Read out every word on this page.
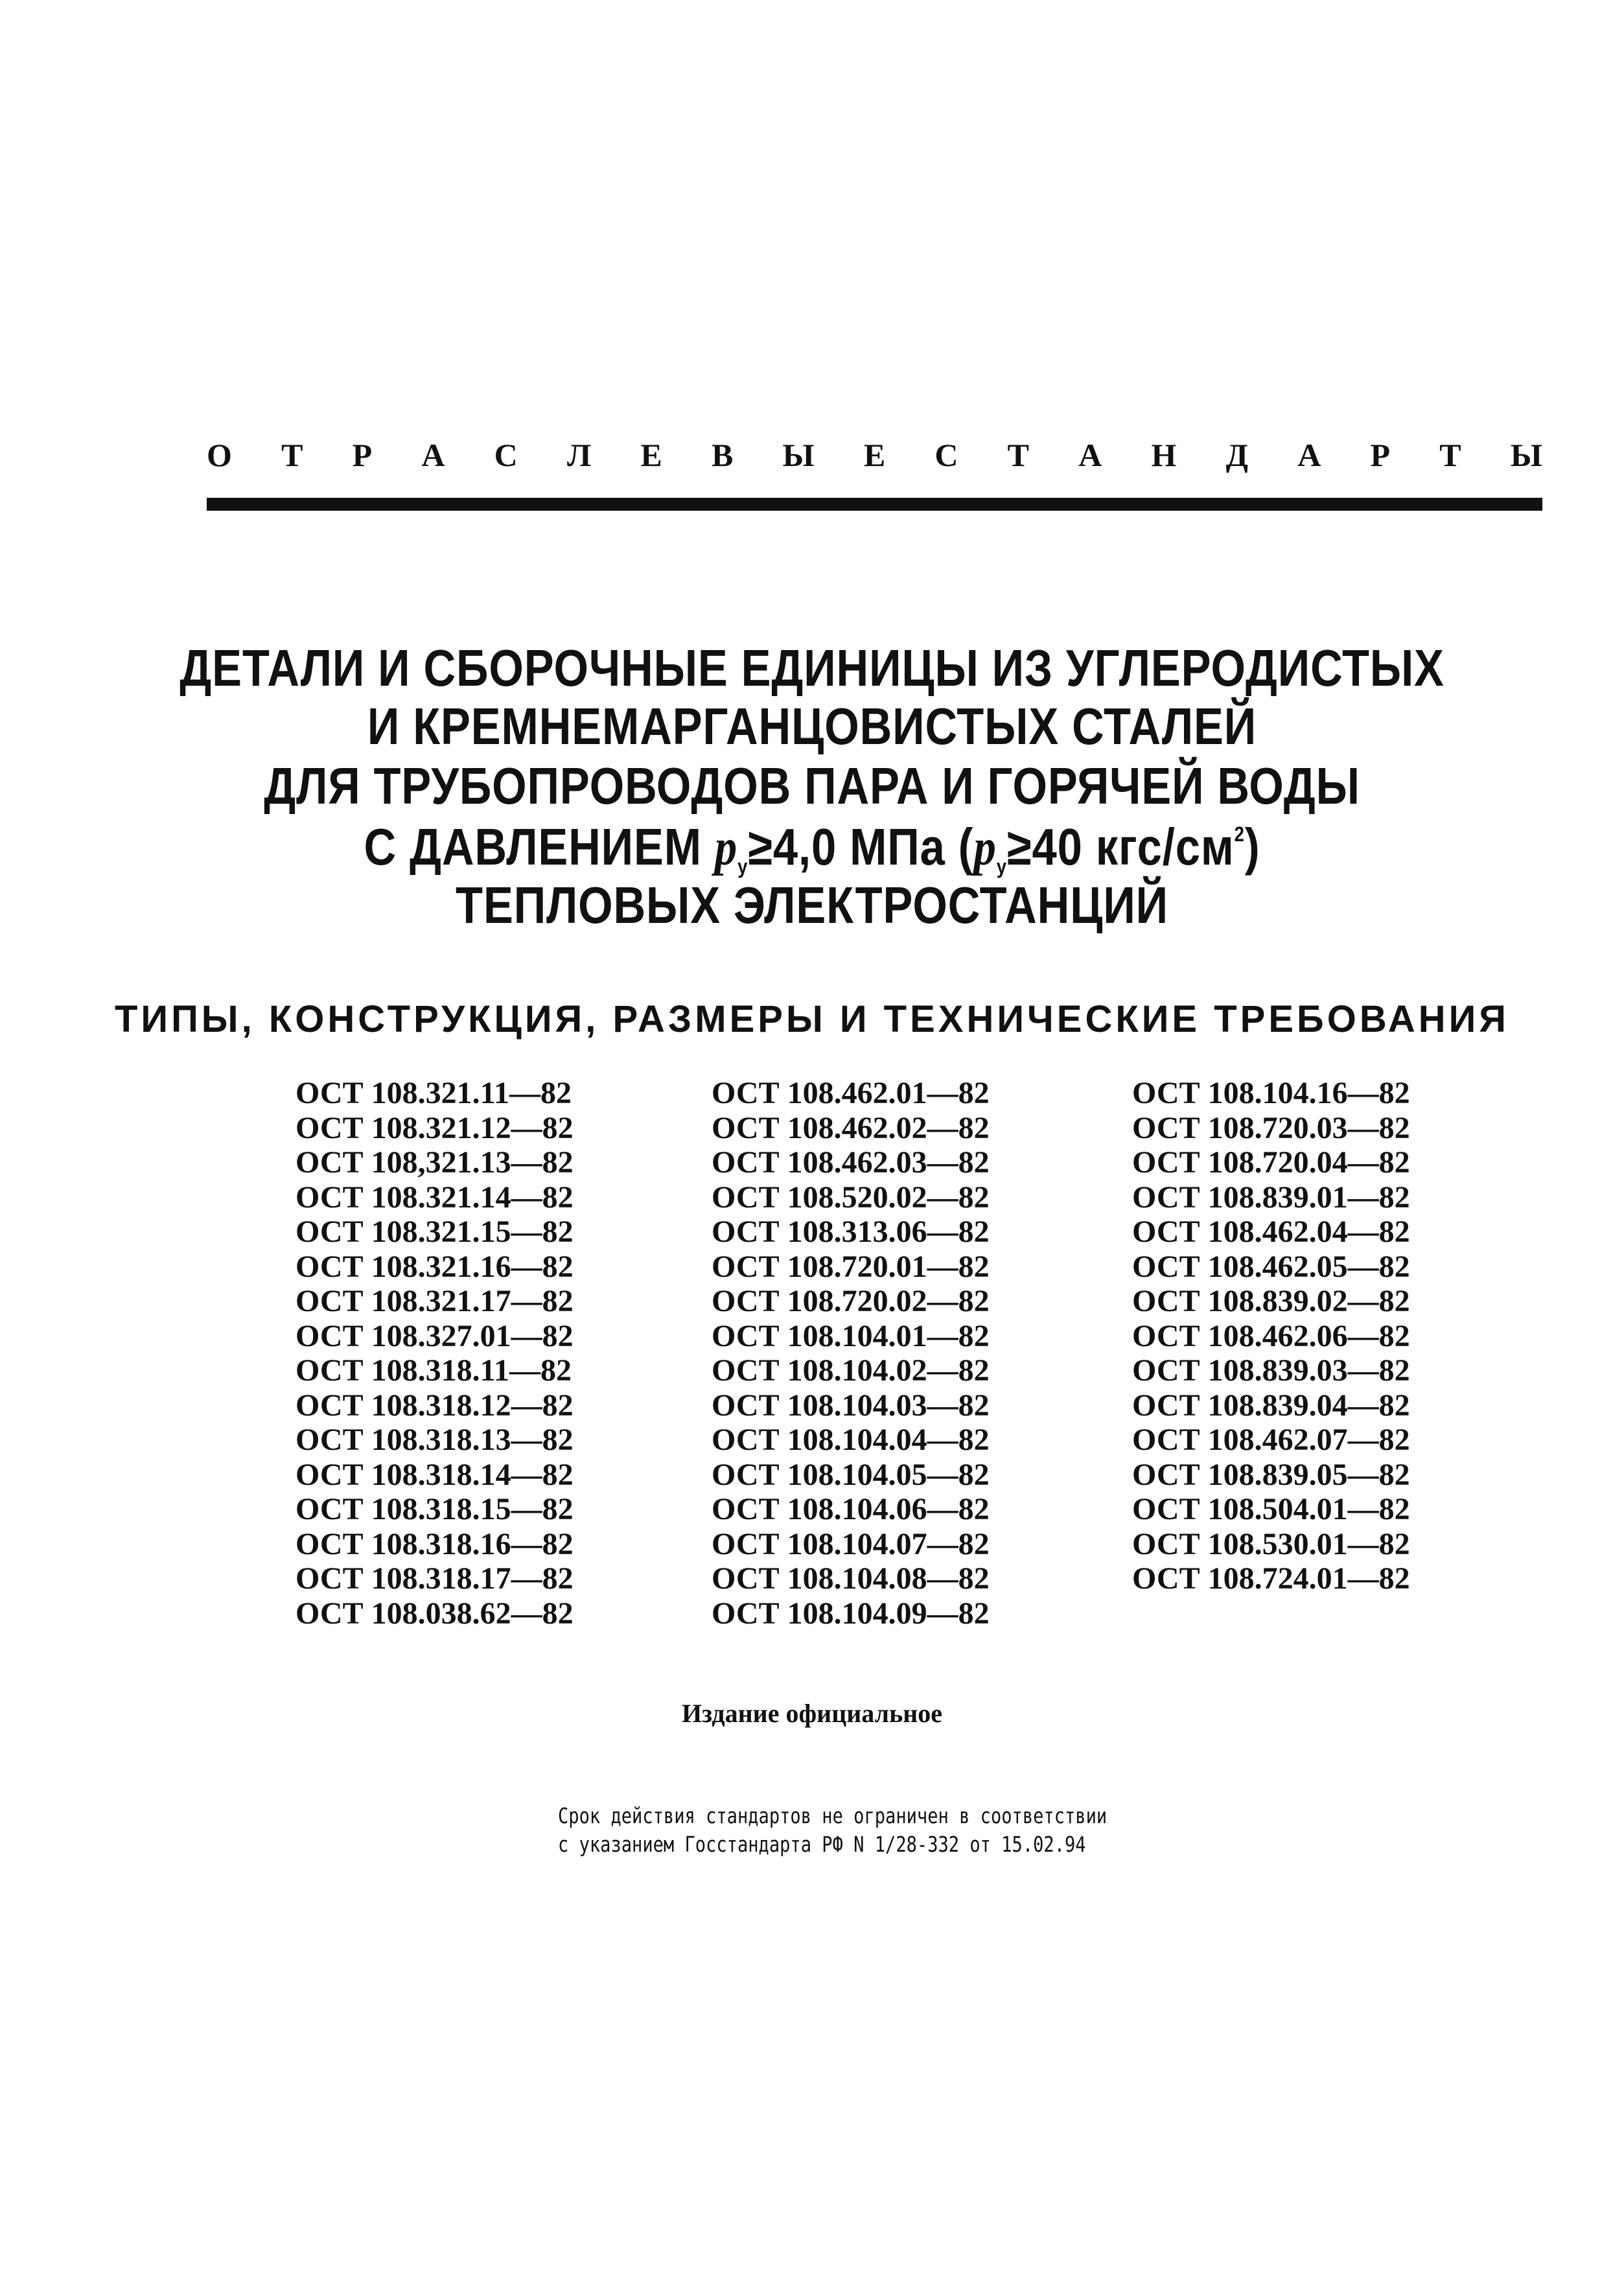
О Т Р А С Л Е В Ы Е С Т А Н Д А Р Т Ы
ДЕТАЛИ И СБОРОЧНЫЕ ЕДИНИЦЫ ИЗ УГЛЕРОДИСТЫХ
И КРЕМНЕМАРГАНЦОВИСТЫХ СТАЛЕЙ
ДЛЯ ТРУБОПРОВОДОВ ПАРА И ГОРЯЧЕЙ ВОДЫ
С ДАВЛЕНИЕМ pу≥4,0 МПа (pу≥40 кгс/$см^2$)
ТЕПЛОВЫХ ЭЛЕКТРОСТАНЦИЙ
ТИПЫ, КОНСТРУКЦИЯ, РАЗМЕРЫ И ТЕХНИЧЕСКИЕ ТРЕБОВАНИЯ
ОСТ 108.321.11—82
ОСТ 108.321.12—82
ОСТ 108,321.13—82
ОСТ 108.321.14—82
ОСТ 108.321.15—82
ОСТ 108.321.16—82
ОСТ 108.321.17—82
ОСТ 108.327.01—82
ОСТ 108.318.11—82
ОСТ 108.318.12—82
ОСТ 108.318.13—82
ОСТ 108.318.14—82
ОСТ 108.318.15—82
ОСТ 108.318.16—82
ОСТ 108.318.17—82
ОСТ 108.038.62—82
ОСТ 108.462.01—82
ОСТ 108.462.02—82
ОСТ 108.462.03—82
ОСТ 108.520.02—82
ОСТ 108.313.06—82
ОСТ 108.720.01—82
ОСТ 108.720.02—82
ОСТ 108.104.01—82
ОСТ 108.104.02—82
ОСТ 108.104.03—82
ОСТ 108.104.04—82
ОСТ 108.104.05—82
ОСТ 108.104.06—82
ОСТ 108.104.07—82
ОСТ 108.104.08—82
ОСТ 108.104.09—82
ОСТ 108.104.16—82
ОСТ 108.720.03—82
ОСТ 108.720.04—82
ОСТ 108.839.01—82
ОСТ 108.462.04—82
ОСТ 108.462.05—82
ОСТ 108.839.02—82
ОСТ 108.462.06—82
ОСТ 108.839.03—82
ОСТ 108.839.04—82
ОСТ 108.462.07—82
ОСТ 108.839.05—82
ОСТ 108.504.01—82
ОСТ 108.530.01—82
ОСТ 108.724.01—82
Издание официальное
Срок действия стандартов не ограничен в соответствии
с указанием Госстандарта РФ N 1/28-332 от 15.02.94
